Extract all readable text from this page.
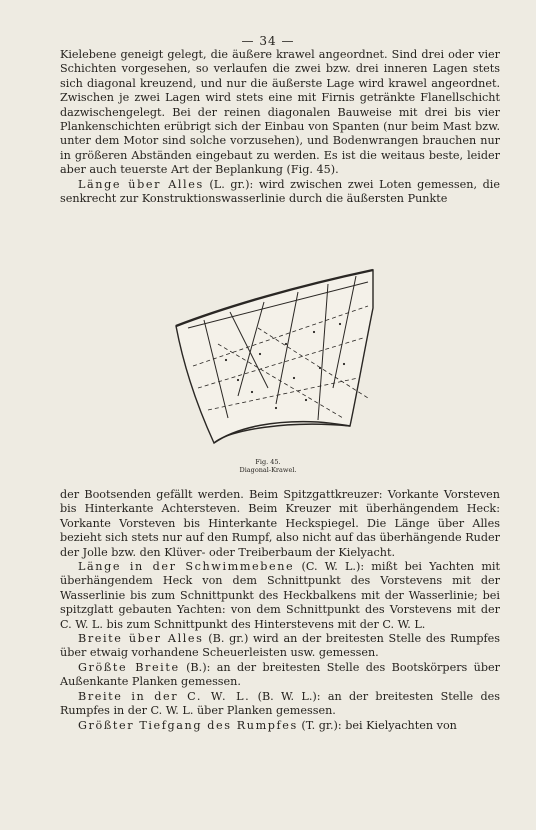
— 34 —

Kielebene geneigt gelegt, die äußere krawel angeordnet. Sind drei oder vier Schichten vorgesehen, so verlaufen die zwei bzw. drei inneren Lagen stets sich diagonal kreuzend, und nur die äußerste Lage wird krawel angeordnet. Zwischen je zwei Lagen wird stets eine mit Firnis getränkte Flanellschicht dazwischengelegt. Bei der reinen diagonalen Bauweise mit drei bis vier Plankenschichten erübrigt sich der Einbau von Spanten (nur beim Mast bzw. unter dem Motor sind solche vorzusehen), und Bodenwrangen brauchen nur in größeren Abständen eingebaut zu werden. Es ist die weitaus beste, leider aber auch teuerste Art der Beplankung (Fig. 45).

Länge über Alles (L. gr.): wird zwischen zwei Loten gemessen, die senkrecht zur Konstruktionswasserlinie durch die äußersten Punkte

Fig. 45.
Diagonal-Krawel.

der Bootsenden gefällt werden. Beim Spitzgattkreuzer: Vorkante Vorsteven bis Hinterkante Achtersteven. Beim Kreuzer mit überhängendem Heck: Vorkante Vorsteven bis Hinterkante Heckspiegel. Die Länge über Alles bezieht sich stets nur auf den Rumpf, also nicht auf das überhängende Ruder der Jolle bzw. den Klüver- oder Treiberbaum der Kielyacht.

Länge in der Schwimmebene (C. W. L.): mißt bei Yachten mit überhängendem Heck von dem Schnittpunkt des Vorstevens mit der Wasserlinie bis zum Schnittpunkt des Heckbalkens mit der Wasserlinie; bei spitzglatt gebauten Yachten: von dem Schnittpunkt des Vorstevens mit der C. W. L. bis zum Schnittpunkt des Hinterstevens mit der C. W. L.

Breite über Alles (B. gr.) wird an der breitesten Stelle des Rumpfes über etwaig vorhandene Scheuerleisten usw. gemessen.

Größte Breite (B.): an der breitesten Stelle des Bootskörpers über Außenkante Planken gemessen.

Breite in der C. W. L. (B. W. L.): an der breitesten Stelle des Rumpfes in der C. W. L. über Planken gemessen.

Größter Tiefgang des Rumpfes (T. gr.): bei Kielyachten von
